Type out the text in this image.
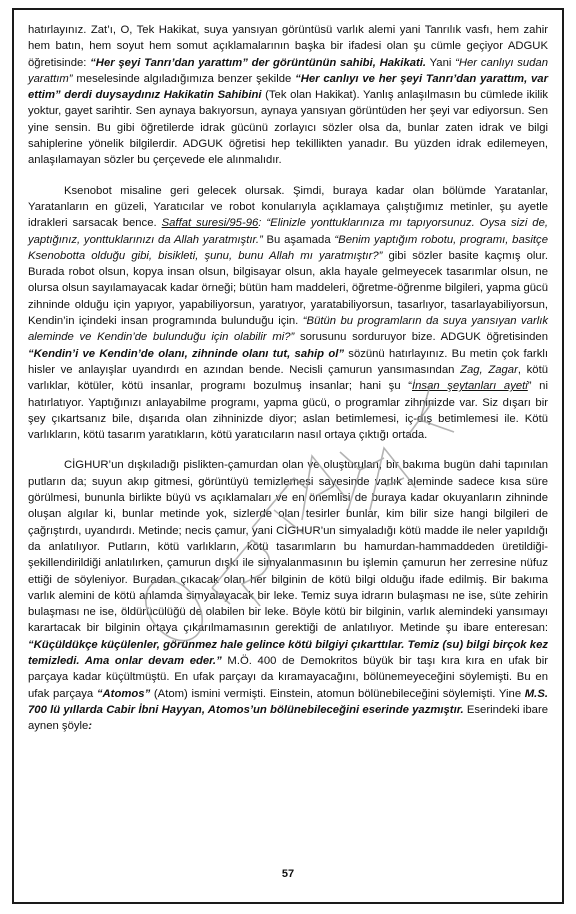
hatırlayınız. Zat’ı, O, Tek Hakikat, suya yansıyan görüntüsü varlık alemi yani Tanrılık vasfı, hem zahir hem batın, hem soyut hem somut açıklamalarının başka bir ifadesi olan şu cümle geçiyor ADGUK öğretisinde: “Her şeyi Tanrı’dan yarattım” der görüntünün sahibi, Hakikati. Yani “Her canlıyı sudan yarattım” meselesinde algıladığımıza benzer şekilde “Her canlıyı ve her şeyi Tanrı’dan yarattım, var ettim” derdi duysaydınız Hakikatin Sahibini (Tek olan Hakikat). Yanlış anlaşılmasın bu cümlede ikilik yoktur, gayet sarihtir. Sen aynaya bakıyorsun, aynaya yansıyan görüntüden her şeyi var ediyorsun. Sen yine sensin. Bu gibi öğretilerde idrak gücünü zorlayıcı sözler olsa da, bunlar zaten idrak ve bilgi sahiplerine yönelik bilgilerdir. ADGUK öğretisi hep tekillikten yanadır. Bu yüzden idrak edilemeyen, anlaşılamayan sözler bu çerçevede ele alınmalıdır.

Ksenobot misaline geri gelecek olursak. Şimdi, buraya kadar olan bölümde Yaratanlar, Yaratanların en güzeli, Yaratıcılar ve robot konularıyla açıklamaya çalıştığımız metinler, şu ayetle idrakleri sarsacak bence. Saffat suresi/95-96: “Elinizle yonttuklarınıza mı tapıyorsunuz. Oysa sizi de, yaptığınız, yonttuklarınızı da Allah yaratmıştır.” Bu aşamada “Benim yaptığım robotu, programı, basitçe Ksenobotta olduğu gibi, bisikleti, şunu, bunu Allah mı yaratmıştır?” gibi sözler basite kaçmış olur. Burada robot olsun, kopya insan olsun, bilgisayar olsun, akla hayale gelmeyecek tasarımlar olsun, ne olursa olsun sayılamayacak kadar örneği; bütün ham maddeleri, öğretme-öğrenme bilgileri, yapma gücü zihninde olduğu için yapıyor, yapabiliyorsun, yaratıyor, yaratabiliyorsun, tasarlıyor, tasarlayabiliyorsun, Kendin’in içindeki insan programında bulunduğu için. “Bütün bu programların da suya yansıyan varlık aleminde ve Kendin’de bulunduğu için olabilir mi?” sorusunu sorduruyor bize. ADGUK öğretisinden “Kendin’i ve Kendin’de olanı, zihninde olanı tut, sahip ol” sözünü hatırlayınız. Bu metin çok farklı hisler ve anlayışlar uyandırdı en azından bende. Necisli çamurun yansımasından Zag, Zagar, kötü varlıklar, kötüler, kötü insanlar, programı bozulmuş insanlar; hani şu “İnsan şeytanları ayeti” ni hatırlatıyor. Yaptığınızı anlayabilme programı, yapma gücü, o programlar zihninizde var. Siz dışarı bir şey çıkartsanız bile, dışarıda olan zihninizde diyor; aslan betimlemesi, iç-dış betimlemesi ile. Kötü varlıkların, kötü tasarım yaratıkların, kötü yaratıcıların nasıl ortaya çıktığı ortada.

CİGHUR’un dışkıladığı pislikten-çamurdan olan ve oluşturulan, bir bakıma bugün dahi tapınılan putların da; suyun akıp gitmesi, görüntüyü temizlemesi sayesinde varlık aleminde sadece kısa süre görülmesi, bununla birlikte büyü vs açıklamaları ve en önemlisi de buraya kadar okuyanların zihninde oluşan algılar ki, bunlar metinde yok, sizlerde olan tesirler bunlar, kim bilir size hangi bilgileri de çağrıştırdı, uyandırdı. Metinde; necis çamur, yani CİGHUR’un simyaladığı kötü madde ile neler yapıldığı da anlatılıyor. Putların, kötü varlıkların, kötü tasarımların bu hamurdan-hammaddeden üretildiği-şekillendirildiği anlatılırken, çamurun dışkı ile simyalanmasının bu işlemin çamurun her zerresine nüfuz ettiği de söyleniyor. Buradan çıkacak olan her bilginin de kötü bilgi olduğu ifade edilmiş. Bir bakıma varlık alemini de kötü anlamda simyalayacak bir leke. Temiz suya idrarın bulaşması ne ise, süte zehirin bulaşması ne ise, öldürücülüğü de olabilen bir leke. Böyle kötü bir bilginin, varlık alemindeki yansımayı karartacak bir bilginin ortaya çıkarılmamasının gerektiği de anlatılıyor. Metinde şu ibare enteresan: “Küçüldükçe küçülenler, görünmez hale gelince kötü bilgiyi çıkarttılar. Temiz (su) bilgi birçok kez temizledi. Ama onlar devam eder.” M.Ö. 400 de Demokritos büyük bir taşı kıra kıra en ufak bir parçaya kadar küçültmüştü. En ufak parçayı da kıramayacağını, bölünemeyeceğini söylemişti. Bu en ufak parçaya “Atomos” (Atom) ismini vermişti. Einstein, atomun bölünebileceğini söylemişti. Yine M.S. 700 lü yıllarda Cabir İbni Hayyan, Atomos’un bölünebileceğini eserinde yazmıştır. Eserindeki ibare aynen şöyle:

57
